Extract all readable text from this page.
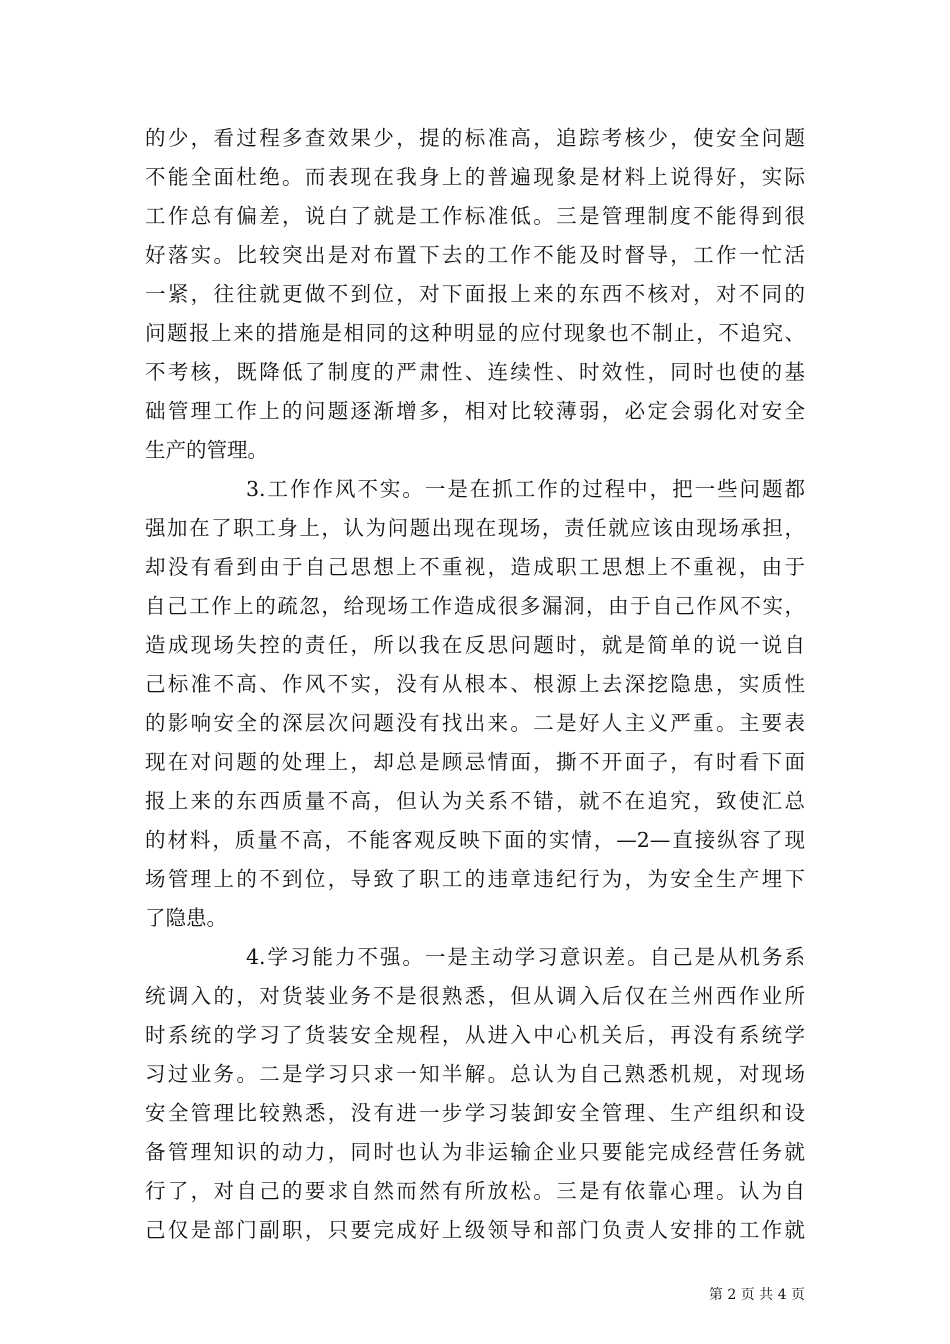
的少，看过程多查效果少，提的标准高，追踪考核少，使安全问题
不能全面杜绝。而表现在我身上的普遍现象是材料上说得好，实际
工作总有偏差，说白了就是工作标准低。三是管理制度不能得到很
好落实。比较突出是对布置下去的工作不能及时督导，工作一忙活
一紧，往往就更做不到位，对下面报上来的东西不核对，对不同的
问题报上来的措施是相同的这种明显的应付现象也不制止，不追究、
不考核，既降低了制度的严肃性、连续性、时效性，同时也使的基
础管理工作上的问题逐渐增多，相对比较薄弱，必定会弱化对安全
生产的管理。
3.工作作风不实。一是在抓工作的过程中，把一些问题都
强加在了职工身上，认为问题出现在现场，责任就应该由现场承担，
却没有看到由于自己思想上不重视，造成职工思想上不重视，由于
自己工作上的疏忽，给现场工作造成很多漏洞，由于自己作风不实，
造成现场失控的责任，所以我在反思问题时，就是简单的说一说自
己标准不高、作风不实，没有从根本、根源上去深挖隐患，实质性
的影响安全的深层次问题没有找出来。二是好人主义严重。主要表
现在对问题的处理上，却总是顾忌情面，撕不开面子，有时看下面
报上来的东西质量不高，但认为关系不错，就不在追究，致使汇总
的材料，质量不高，不能客观反映下面的实情，—2—直接纵容了现
场管理上的不到位，导致了职工的违章违纪行为，为安全生产埋下
了隐患。
4.学习能力不强。一是主动学习意识差。自己是从机务系
统调入的，对货装业务不是很熟悉，但从调入后仅在兰州西作业所
时系统的学习了货装安全规程，从进入中心机关后，再没有系统学
习过业务。二是学习只求一知半解。总认为自己熟悉机规，对现场
安全管理比较熟悉，没有进一步学习装卸安全管理、生产组织和设
备管理知识的动力，同时也认为非运输企业只要能完成经营任务就
行了，对自己的要求自然而然有所放松。三是有依靠心理。认为自
己仅是部门副职，只要完成好上级领导和部门负责人安排的工作就
第 2 页 共 4 页
